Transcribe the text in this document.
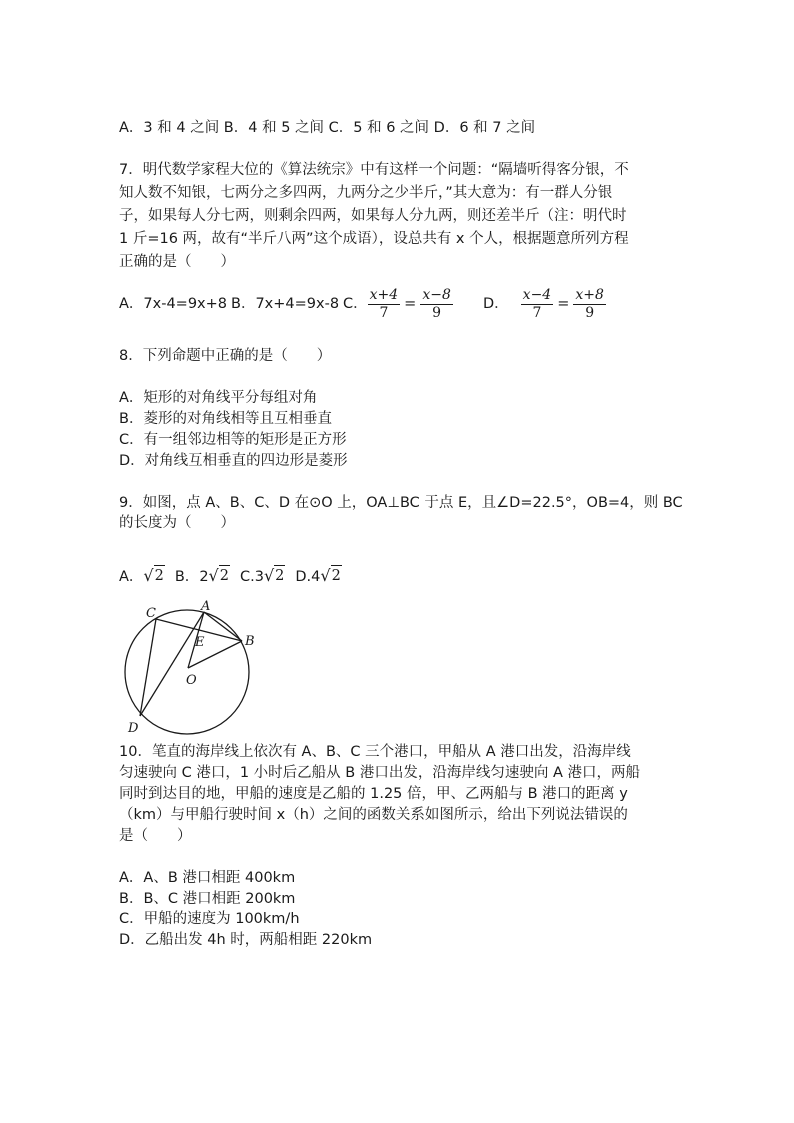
A．3 和 4 之间 B．4 和 5 之间 C．5 和 6 之间 D．6 和 7 之间
7．明代数学家程大位的《算法统宗》中有这样一个问题：“隔墙听得客分银，不
知人数不知银，七两分之多四两，九两分之少半斤，”其大意为：有一群人分银
子，如果每人分七两，则剩余四两，如果每人分九两，则还差半斤（注：明代时
1 斤=16 两，故有“半斤八两”这个成语），设总共有 x 个人，根据题意所列方程
正确的是（　　）
A．7x-4=9x+8 B．7x+4=9x-8 C． $\frac{x+4}{7} = \frac{x-8}{9}$ D． $\frac{x-4}{7} = \frac{x+8}{9}$
8．下列命题中正确的是（　　）
A．矩形的对角线平分每组对角
B．菱形的对角线相等且互相垂直
C．有一组邻边相等的矩形是正方形
D．对角线互相垂直的四边形是菱形
9．如图，点 A、B、C、D 在⊙O 上，OA⊥BC 于点 E，且∠D=22.5°，OB=4，则 BC
的长度为（　　）
A． √ 2 B．2 √ 2 C.3 √ 2 D.4 √ 2
C	A
B
E
O
D
10．笔直的海岸线上依次有 A、B、C 三个港口，甲船从 A 港口出发，沿海岸线
匀速驶向 C 港口，1 小时后乙船从 B 港口出发，沿海岸线匀速驶向 A 港口，两船
同时到达目的地，甲船的速度是乙船的 1.25 倍，甲、乙两船与 B 港口的距离 y
（km）与甲船行驶时间 x（h）之间的函数关系如图所示，给出下列说法错误的
是（　　）
A．A、B 港口相距 400km
B．B、C 港口相距 200km
C．甲船的速度为 100km/h
D．乙船出发 4h 时，两船相距 220km
